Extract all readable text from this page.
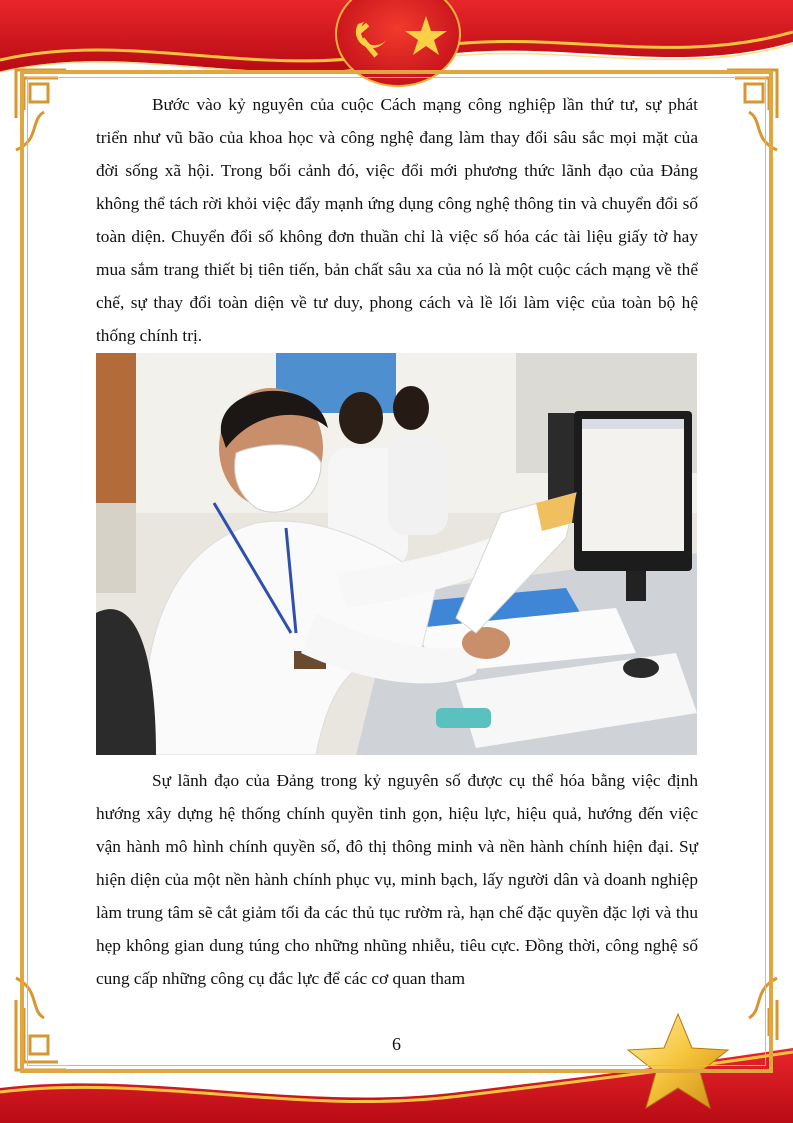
Bước vào kỷ nguyên của cuộc Cách mạng công nghiệp lần thứ tư, sự phát triển như vũ bão của khoa học và công nghệ đang làm thay đổi sâu sắc mọi mặt của đời sống xã hội. Trong bối cảnh đó, việc đổi mới phương thức lãnh đạo của Đảng không thể tách rời khỏi việc đẩy mạnh ứng dụng công nghệ thông tin và chuyển đổi số toàn diện. Chuyển đổi số không đơn thuần chỉ là việc số hóa các tài liệu giấy tờ hay mua sắm trang thiết bị tiên tiến, bản chất sâu xa của nó là một cuộc cách mạng về thể chế, sự thay đổi toàn diện về tư duy, phong cách và lề lối làm việc của toàn bộ hệ thống chính trị.

Sự lãnh đạo của Đảng trong kỷ nguyên số được cụ thể hóa bằng việc định hướng xây dựng hệ thống chính quyền tinh gọn, hiệu lực, hiệu quả, hướng đến việc vận hành mô hình chính quyền số, đô thị thông minh và nền hành chính hiện đại. Sự hiện diện của một nền hành chính phục vụ, minh bạch, lấy người dân và doanh nghiệp làm trung tâm sẽ cắt giảm tối đa các thủ tục rườm rà, hạn chế đặc quyền đặc lợi và thu hẹp không gian dung túng cho những nhũng nhiễu, tiêu cực. Đồng thời, công nghệ số cung cấp những công cụ đắc lực để các cơ quan tham

6
